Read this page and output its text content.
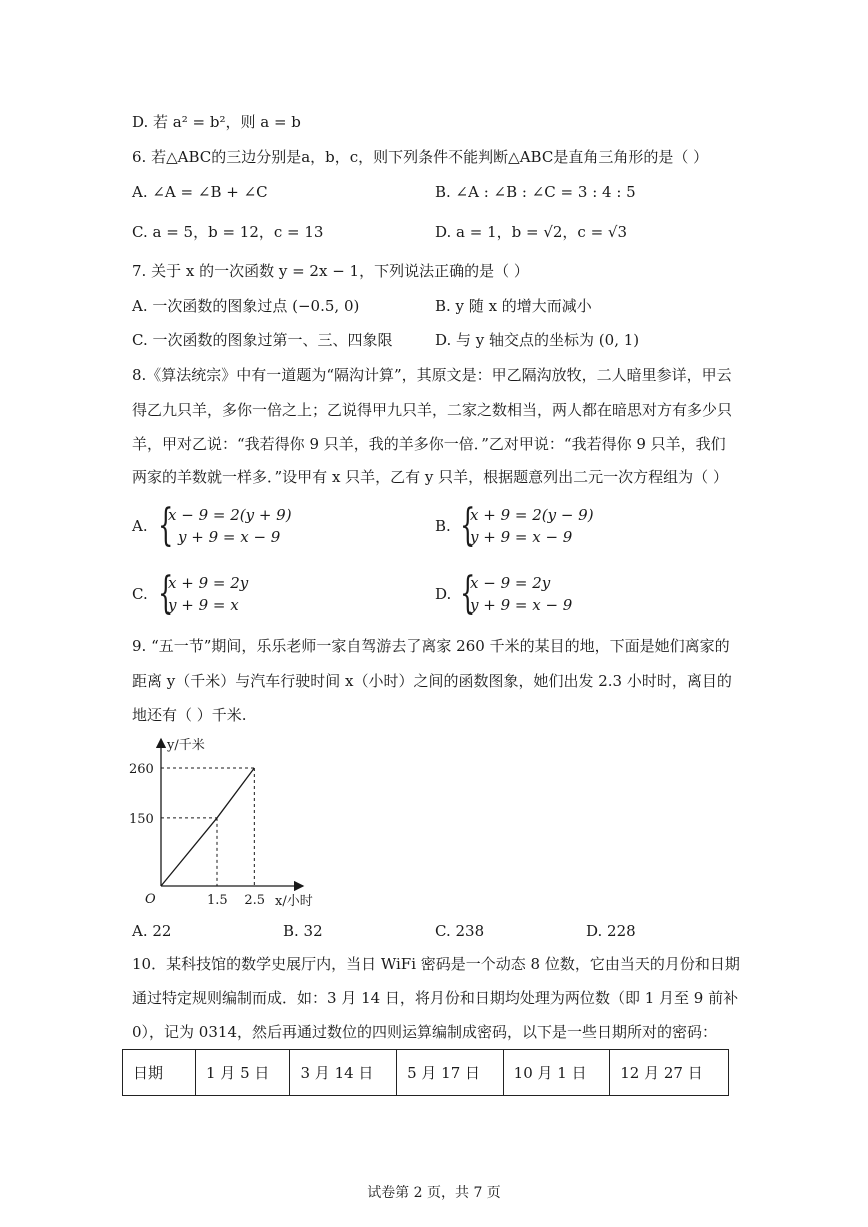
D. 若 a² = b²，则 a = b
6. 若△ABC的三边分别是a，b，c，则下列条件不能判断△ABC是直角三角形的是（ ）
A. ∠A = ∠B + ∠C	B. ∠A : ∠B : ∠C = 3 : 4 : 5
C. a = 5，b = 12，c = 13	D. a = 1，b = √2，c = √3
7. 关于 x 的一次函数 y = 2x − 1，下列说法正确的是（ ）
A. 一次函数的图象过点 (−0.5, 0)	B. y 随 x 的增大而减小
C. 一次函数的图象过第一、三、四象限	D. 与 y 轴交点的坐标为 (0, 1)
8.《算法统宗》中有一道题为“隔沟计算”，其原文是：甲乙隔沟放牧，二人暗里参详，甲云
得乙九只羊，多你一倍之上；乙说得甲九只羊，二家之数相当，两人都在暗思对方有多少只
羊，甲对乙说：“我若得你 9 只羊，我的羊多你一倍．”乙对甲说：“我若得你 9 只羊，我们
两家的羊数就一样多．”设甲有 x 只羊，乙有 y 只羊，根据题意列出二元一次方程组为（ ）
A. {
x − 9 = 2(y + 9)
y + 9 = x − 9
B. {
x + 9 = 2(y − 9)
y + 9 = x − 9
C. {
x + 9 = 2y
y + 9 = x
D. {
x − 9 = 2y
y + 9 = x − 9
9. “五一节”期间，乐乐老师一家自驾游去了离家 260 千米的某目的地，下面是她们离家的
距离 y（千米）与汽车行驶时间 x（小时）之间的函数图象，她们出发 2.3 小时时，离目的
地还有（ ）千米.
y/千米
x/小时
O
150
1.5
260
2.5
A. 22	B. 32	C. 238	D. 228
10．某科技馆的数学史展厅内，当日 WiFi 密码是一个动态 8 位数，它由当天的月份和日期
通过特定规则编制而成．如：3 月 14 日，将月份和日期均处理为两位数（即 1 月至 9 前补
0），记为 0314，然后再通过数位的四则运算编制成密码，以下是一些日期所对的密码：
日期	1 月 5 日	3 月 14 日	5 月 17 日	10 月 1 日	12 月 27 日
试卷第 2 页，共 7 页
